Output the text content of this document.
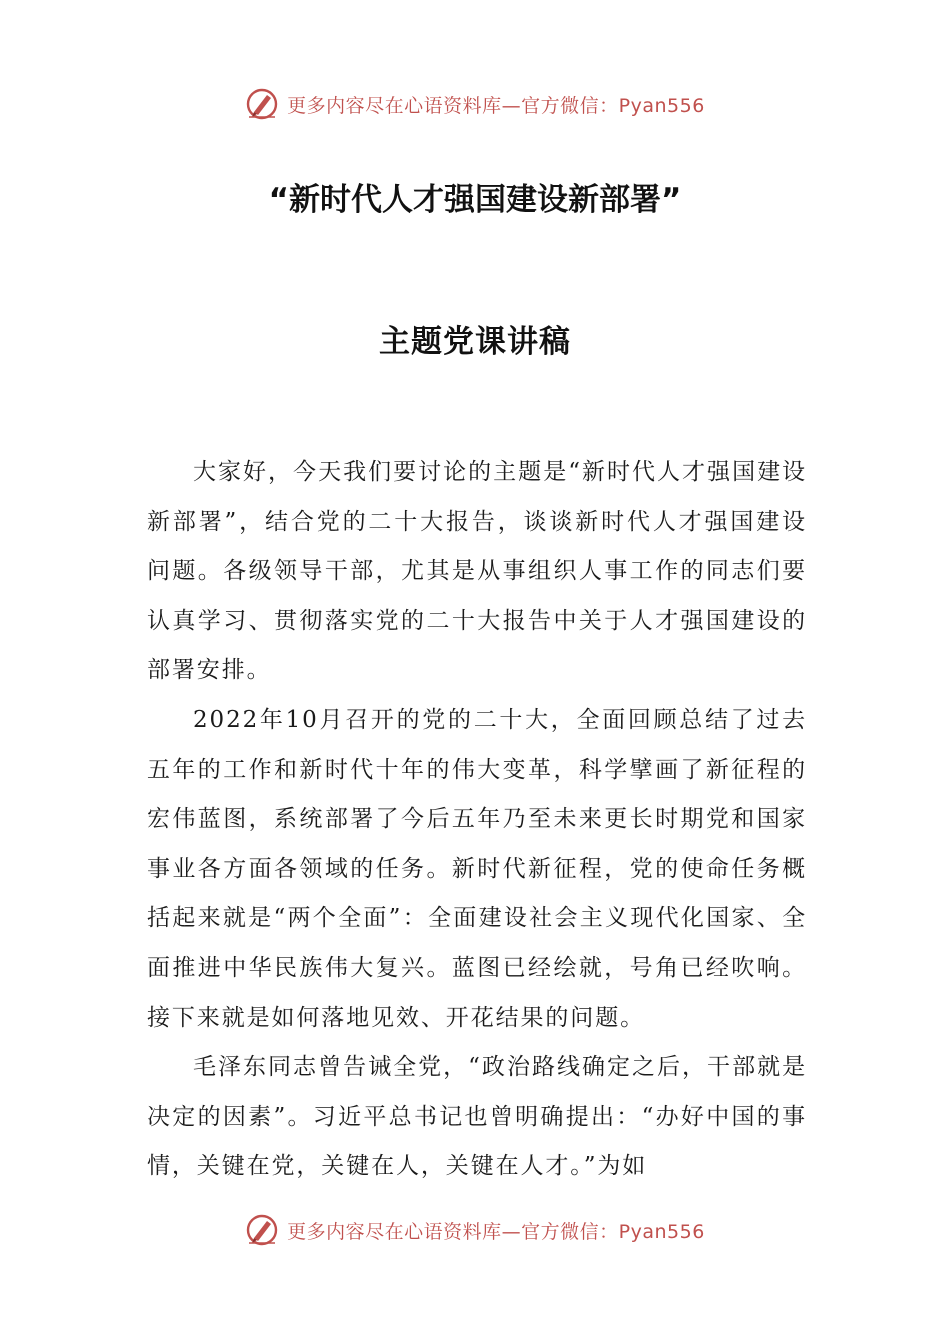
更多内容尽在心语资料库—官方微信：Pyan556
“新时代人才强国建设新部署”
主题党课讲稿

大家好，今天我们要讨论的主题是“新时代人才强国建设新部署”，结合党的二十大报告，谈谈新时代人才强国建设问题。各级领导干部，尤其是从事组织人事工作的同志们要认真学习、贯彻落实党的二十大报告中关于人才强国建设的部署安排。

2022年10月召开的党的二十大，全面回顾总结了过去五年的工作和新时代十年的伟大变革，科学擘画了新征程的宏伟蓝图，系统部署了今后五年乃至未来更长时期党和国家事业各方面各领域的任务。新时代新征程，党的使命任务概括起来就是“两个全面”：全面建设社会主义现代化国家、全面推进中华民族伟大复兴。蓝图已经绘就，号角已经吹响。接下来就是如何落地见效、开花结果的问题。

毛泽东同志曾告诫全党，“政治路线确定之后，干部就是决定的因素”。习近平总书记也曾明确提出：“办好中国的事情，关键在党，关键在人，关键在人才。”为如

更多内容尽在心语资料库—官方微信：Pyan556
